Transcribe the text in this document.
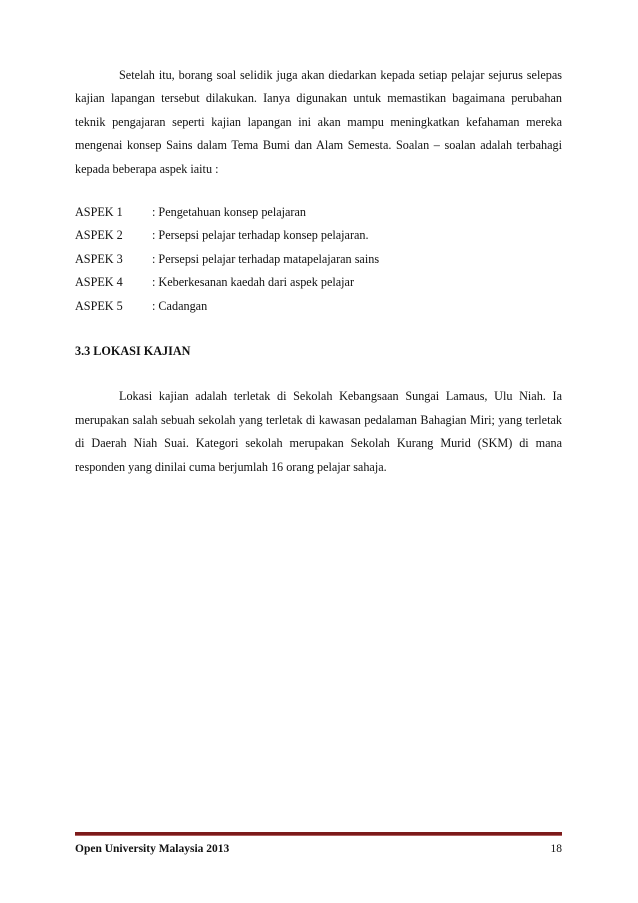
Setelah itu, borang soal selidik juga akan diedarkan kepada setiap pelajar sejurus selepas kajian lapangan tersebut dilakukan. Ianya digunakan untuk memastikan bagaimana perubahan teknik pengajaran seperti kajian lapangan ini akan mampu meningkatkan kefahaman mereka mengenai konsep Sains dalam Tema Bumi dan Alam Semesta. Soalan – soalan adalah terbahagi kepada beberapa aspek iaitu :

ASPEK 1	: Pengetahuan konsep pelajaran
ASPEK 2	: Persepsi pelajar terhadap konsep pelajaran.
ASPEK 3	: Persepsi pelajar terhadap matapelajaran sains
ASPEK 4	: Keberkesanan kaedah dari aspek pelajar
ASPEK 5	: Cadangan
3.3 LOKASI KAJIAN

Lokasi kajian adalah terletak di Sekolah Kebangsaan Sungai Lamaus, Ulu Niah. Ia merupakan salah sebuah sekolah yang terletak di kawasan pedalaman Bahagian Miri; yang terletak di Daerah Niah Suai. Kategori sekolah merupakan Sekolah Kurang Murid (SKM) di mana responden yang dinilai cuma berjumlah 16 orang pelajar sahaja.

Open University Malaysia 2013	18
